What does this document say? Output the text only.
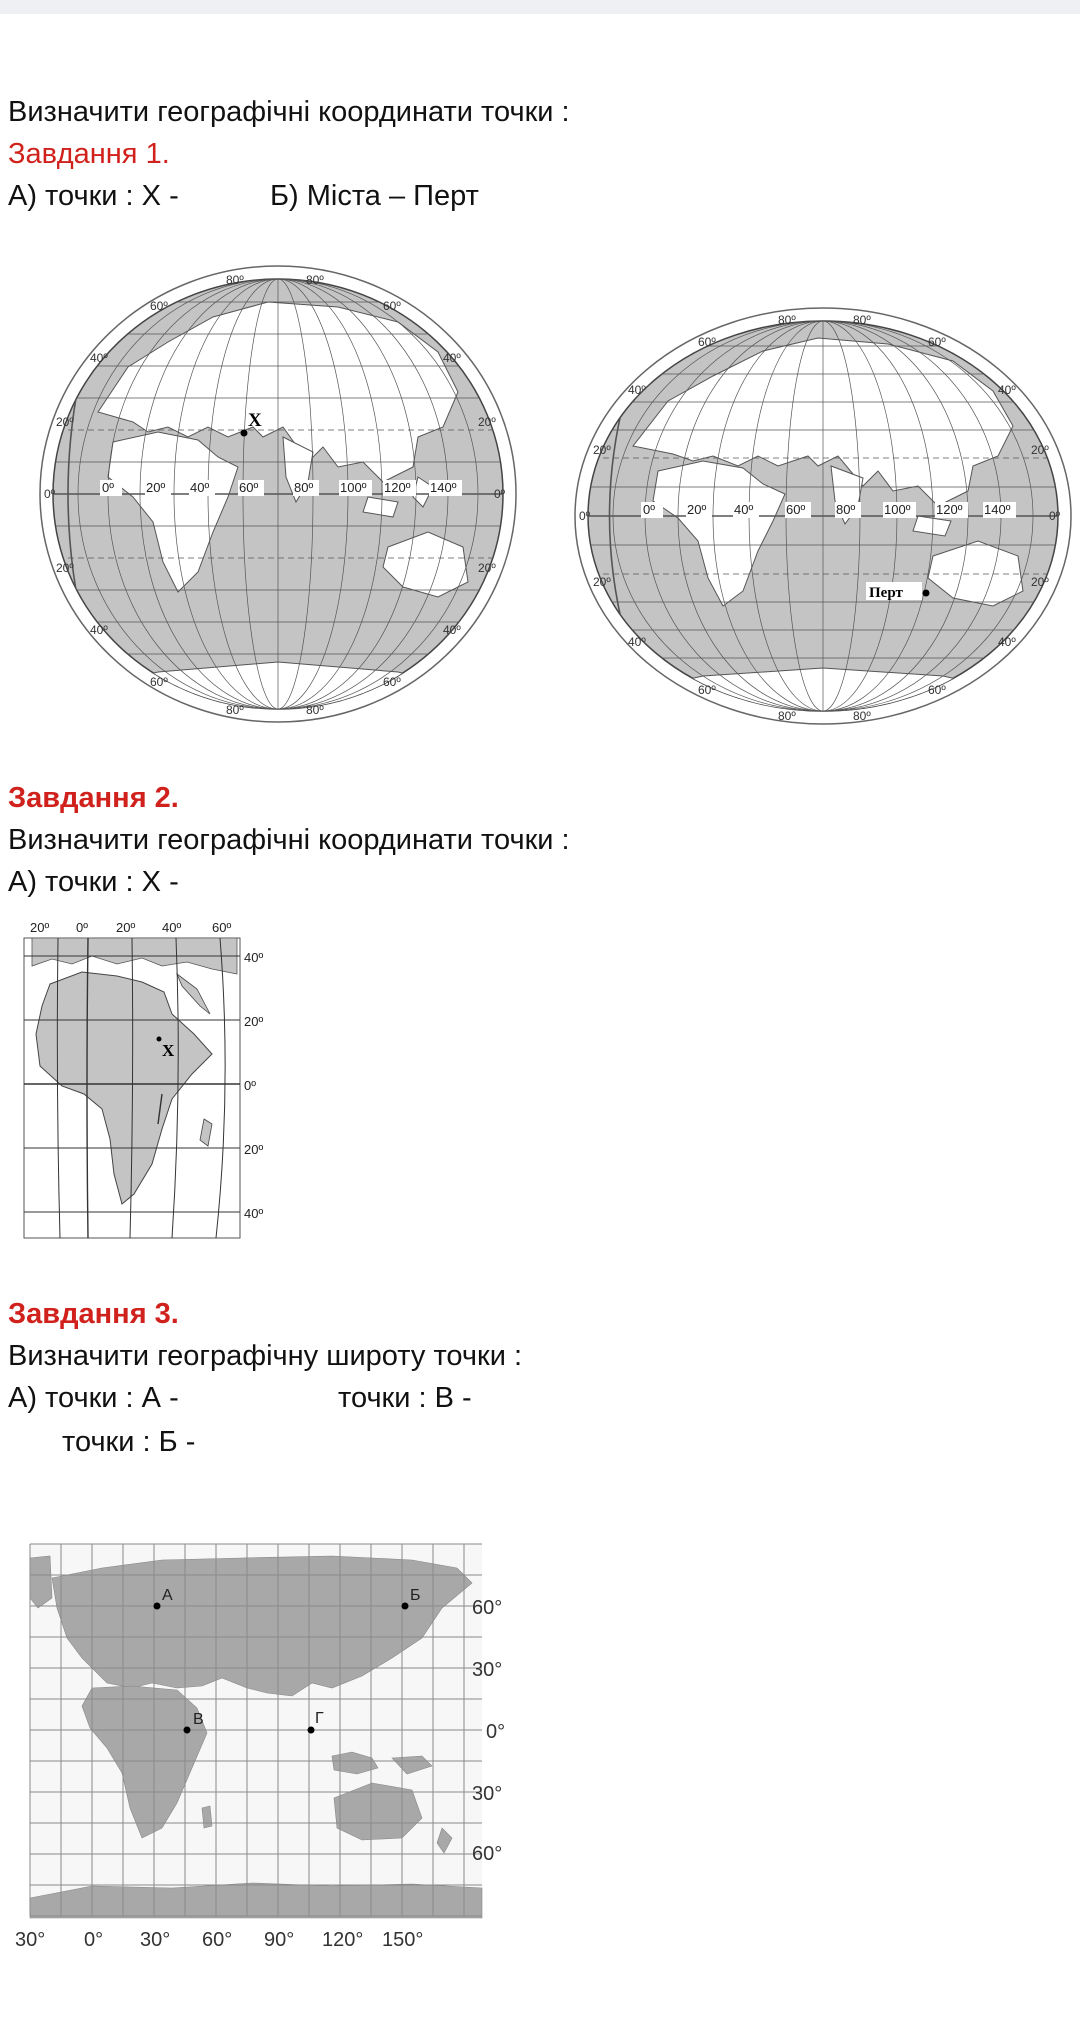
Визначити географічні координати точки :
Завдання 1.
А) точки : Х -	Б) Міста – Перт
80º	80º
60º	60º
40º	40º
20º	20º
0º	0º
20º	20º
40º	40º
60º	60º
80º	80º
0º 20º 40º 60º	80º 100º 120º 140º
X
80º	80º
60º	60º
40º	40º
20º	20º
0º	0º
20º	20º
40º	40º
60º	60º
80º	80º
0º 20º 40º	60º 80º 100º 120º 140º
Перт
Завдання 2.
Визначити географічні координати точки :
А) точки : Х -
20º 0º 20º 40º 60º
40º
20º
0º
20º
40º
X
Завдання 3.
Визначити географічну широту точки :
А) точки : А -	точки : В -
точки : Б -
А	Б
В	Г
60°
30°
0°
30°
60°
30° 0° 30° 60° 90° 120° 150°
